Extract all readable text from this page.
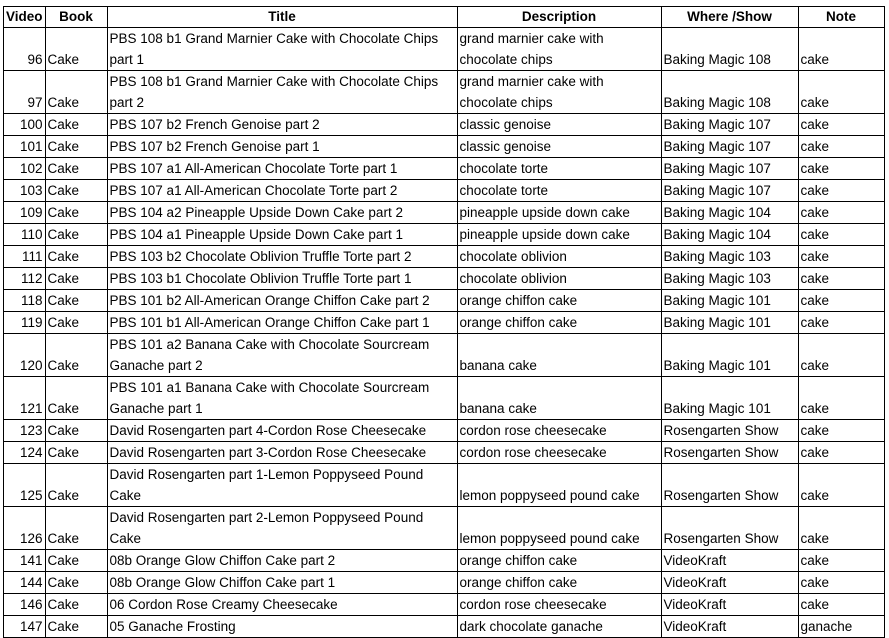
Video	Book	Title	Description	Where /Show	Note
96	Cake	PBS 108 b1 Grand Marnier Cake with Chocolate Chips part 1	grand marnier cake with chocolate chips	Baking Magic 108	cake
97	Cake	PBS 108 b1 Grand Marnier Cake with Chocolate Chips part 2	grand marnier cake with chocolate chips	Baking Magic 108	cake
100	Cake	PBS 107 b2 French Genoise part 2	classic genoise	Baking Magic 107	cake
101	Cake	PBS 107 b2 French Genoise part 1	classic genoise	Baking Magic 107	cake
102	Cake	PBS 107 a1 All-American Chocolate Torte part 1	chocolate torte	Baking Magic 107	cake
103	Cake	PBS 107 a1 All-American Chocolate Torte part 2	chocolate torte	Baking Magic 107	cake
109	Cake	PBS 104 a2 Pineapple Upside Down Cake part 2	pineapple upside down cake	Baking Magic 104	cake
110	Cake	PBS 104 a1 Pineapple Upside Down Cake part 1	pineapple upside down cake	Baking Magic 104	cake
111	Cake	PBS 103 b2 Chocolate Oblivion Truffle Torte part 2	chocolate oblivion	Baking Magic 103	cake
112	Cake	PBS 103 b1 Chocolate Oblivion Truffle Torte part 1	chocolate oblivion	Baking Magic 103	cake
118	Cake	PBS 101 b2 All-American Orange Chiffon Cake part 2	orange chiffon cake	Baking Magic 101	cake
119	Cake	PBS 101 b1 All-American Orange Chiffon Cake part 1	orange chiffon cake	Baking Magic 101	cake
120	Cake	PBS 101 a2 Banana Cake with Chocolate Sourcream Ganache part 2	banana cake	Baking Magic 101	cake
121	Cake	PBS 101 a1 Banana Cake with Chocolate Sourcream Ganache part 1	banana cake	Baking Magic 101	cake
123	Cake	David Rosengarten part 4-Cordon Rose Cheesecake	cordon rose cheesecake	Rosengarten Show	cake
124	Cake	David Rosengarten part 3-Cordon Rose Cheesecake	cordon rose cheesecake	Rosengarten Show	cake
125	Cake	David Rosengarten part 1-Lemon Poppyseed Pound Cake	lemon poppyseed pound cake	Rosengarten Show	cake
126	Cake	David Rosengarten part 2-Lemon Poppyseed Pound Cake	lemon poppyseed pound cake	Rosengarten Show	cake
141	Cake	08b Orange Glow Chiffon Cake part 2	orange chiffon cake	VideoKraft	cake
144	Cake	08b Orange Glow Chiffon Cake part 1	orange chiffon cake	VideoKraft	cake
146	Cake	06 Cordon Rose Creamy Cheesecake	cordon rose cheesecake	VideoKraft	cake
147	Cake	05 Ganache Frosting	dark chocolate ganache	VideoKraft	ganache
